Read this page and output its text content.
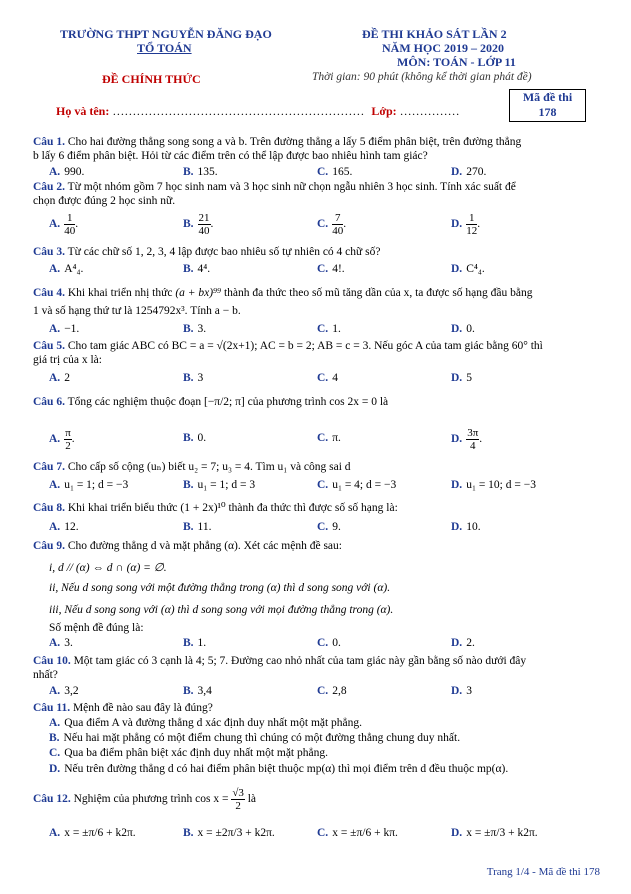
TRƯỜNG THPT NGUYỄN ĐĂNG ĐẠO
TỔ TOÁN
ĐỀ CHÍNH THỨC
ĐỀ THI KHẢO SÁT LẦN 2
NĂM HỌC 2019 – 2020
MÔN: TOÁN - LỚP 11
Thời gian: 90 phút (không kể thời gian phát đề)
Họ và tên: ……………………………………………………… Lớp: ……………
Mã đề thi
178
Câu 1. Cho hai đường thẳng song song a và b. Trên đường thẳng a lấy 5 điểm phân biệt, trên đường thẳng
b lấy 6 điểm phân biệt. Hỏi từ các điểm trên có thể lập được bao nhiêu hình tam giác?
A. 990.	B. 135.	C. 165.	D. 270.
Câu 2. Từ một nhóm gồm 7 học sinh nam và 3 học sinh nữ chọn ngẫu nhiên 3 học sinh. Tính xác suất để
chọn được đúng 2 học sinh nữ.
A. $\frac{1}{40}$ .	B. $\frac{21}{40}$ .	C. $\frac{7}{40}$ .	D. $\frac{1}{12}$ .
Câu 3. Từ các chữ số 1, 2, 3, 4 lập được bao nhiêu số tự nhiên có 4 chữ số?
A. A⁴₄.	B. 4⁴.	C. 4!.	D. C⁴₄.
Câu 4. Khi khai triển nhị thức (a + bx)⁹⁹ thành đa thức theo số mũ tăng dần của x, ta được số hạng đầu bằng
1 và số hạng thứ tư là 1254792x³. Tính a − b.
A. −1.	B. 3.	C. 1.	D. 0.
Câu 5. Cho tam giác ABC có BC = a = √(2x+1); AC = b = 2; AB = c = 3. Nếu góc A của tam giác bằng 60° thì
giá trị của x là:
A. 2	B. 3	C. 4	D. 5
Câu 6. Tổng các nghiệm thuộc đoạn [−π/2; π] của phương trình cos 2x = 0 là
A. $\frac{\pi}{2}$ .	B. 0.	C. π.	D. $\frac{3\pi}{4}$ .
Câu 7. Cho cấp số cộng (uₙ) biết u₂ = 7; u₃ = 4. Tìm u₁ và công sai d
A. u₁ = 1; d = −3	B. u₁ = 1; d = 3	C. u₁ = 4; d = −3	D. u₁ = 10; d = −3
Câu 8. Khi khai triển biểu thức (1 + 2x)¹⁰ thành đa thức thì được số số hạng là:
A. 12.	B. 11.	C. 9.	D. 10.
Câu 9. Cho đường thẳng d và mặt phẳng (α). Xét các mệnh đề sau:
i, d // (α) ⇔ d ∩ (α) = ∅.
ii, Nếu d song song với một đường thẳng trong (α) thì d song song với (α).
iii, Nếu d song song với (α) thì d song song với mọi đường thẳng trong (α).
Số mệnh đề đúng là:
A. 3.	B. 1.	C. 0.	D. 2.
Câu 10. Một tam giác có 3 cạnh là 4; 5; 7. Đường cao nhỏ nhất của tam giác này gần bằng số nào dưới đây
nhất?
A. 3,2	B. 3,4	C. 2,8	D. 3
Câu 11. Mệnh đề nào sau đây là đúng?
A. Qua điểm A và đường thẳng d xác định duy nhất một mặt phẳng.
B. Nếu hai mặt phẳng có một điểm chung thì chúng có một đường thẳng chung duy nhất.
C. Qua ba điểm phân biệt xác định duy nhất một mặt phẳng.
D. Nếu trên đường thẳng d có hai điểm phân biệt thuộc mp(α) thì mọi điểm trên d đều thuộc mp(α).
Câu 12. Nghiệm của phương trình $\cos x = \frac{√3}{2}$ là
A. x = ±π/6 + k2π.	B. x = ±2π/3 + k2π.	C. x = ±π/6 + kπ.	D. x = ±π/3 + k2π.
Trang 1/4 - Mã đề thi 178
